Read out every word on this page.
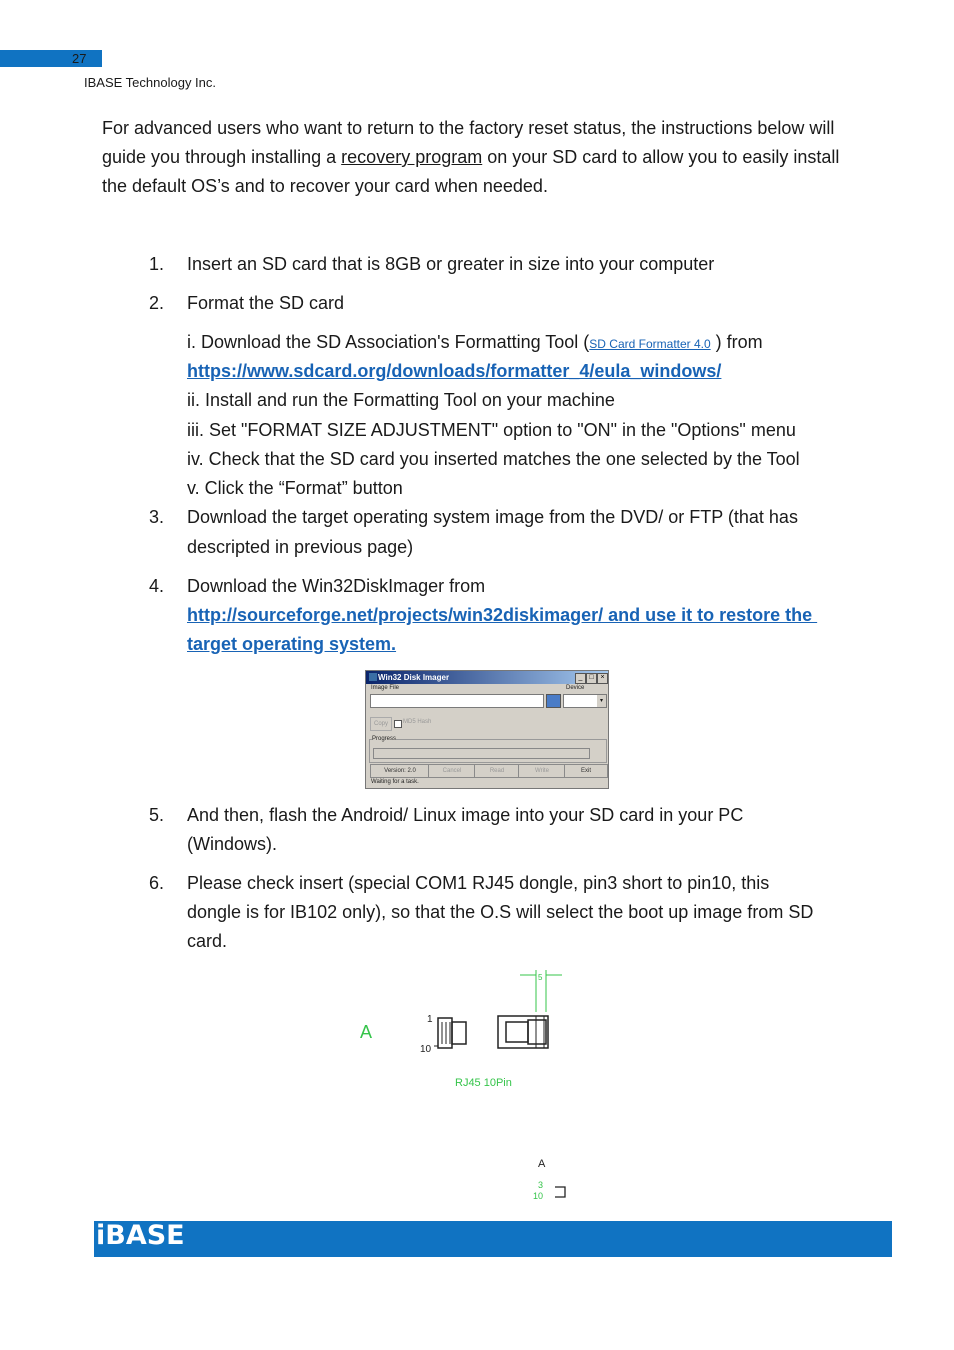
27
IBASE Technology Inc.
For advanced users who want to return to the factory reset status, the instructions below will guide you through installing a recovery program on your SD card to allow you to easily install the default OS’s and to recover your card when needed.
1. Insert an SD card that is 8GB or greater in size into your computer
2. Format the SD card
i. Download the SD Association's Formatting Tool (SD Card Formatter 4.0 ) from
https://www.sdcard.org/downloads/formatter_4/eula_windows/
ii. Install and run the Formatting Tool on your machine
iii. Set "FORMAT SIZE ADJUSTMENT" option to "ON" in the "Options" menu
iv. Check that the SD card you inserted matches the one selected by the Tool
v. Click the “Format” button
3. Download the target operating system image from the DVD/ or FTP (that has
descripted in previous page)
4. Download the Win32DiskImager from
http://sourceforge.net/projects/win32diskimager/ and use it to restore the
target operating system.
Win32 Disk Imager	_ □ ×
Image File	Device
▾
Copy	MD5 Hash
Progress
Version: 2.0	Cancel	Read	Write	Exit
Waiting for a task.
5. And then, flash the Android/ Linux image into your SD card in your PC
(Windows).
6. Please check insert (special COM1 RJ45 dongle, pin3 short to pin10, this
dongle is for IB102 only), so that the O.S will select the boot up image from SD
card.
A
1
10
5
RJ45 10Pin
A
3
10
iBASE
